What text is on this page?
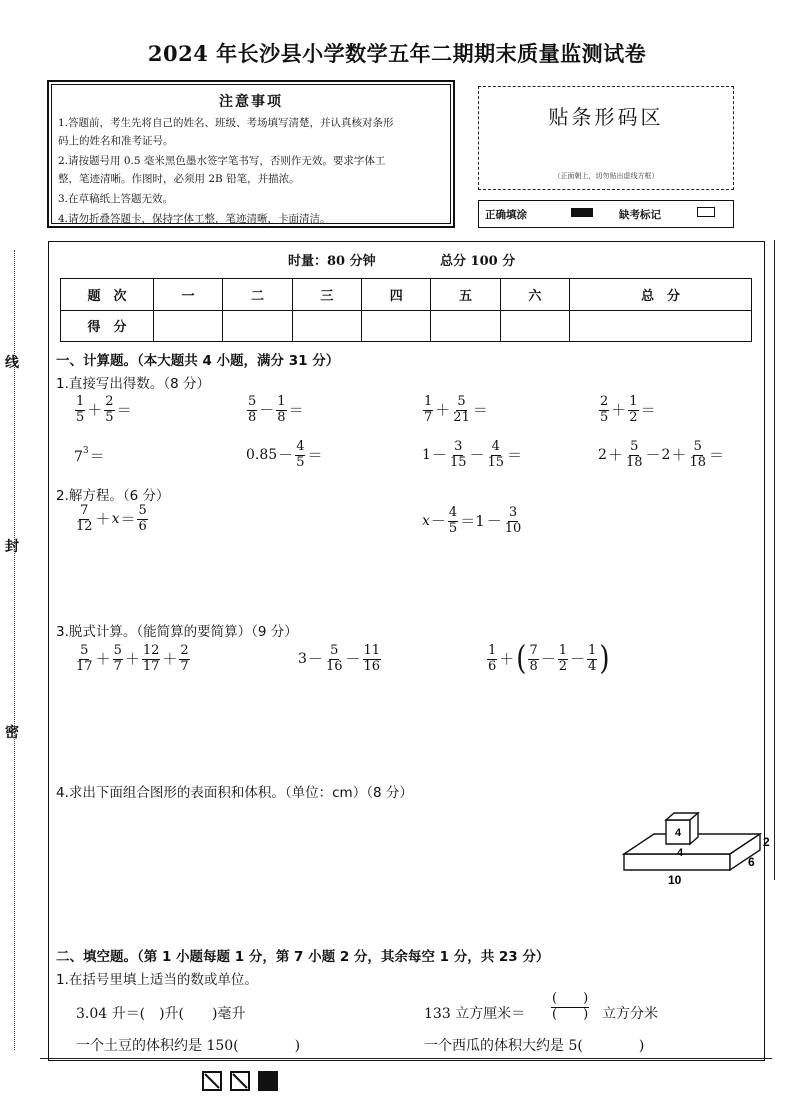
2024 年长沙县小学数学五年二期期末质量监测试卷
注意事项
1.答题前，考生先将自己的姓名、班级、考场填写清楚，并认真核对条形
码上的姓名和准考证号。
2.请按题号用 0.5 毫米黑色墨水签字笔书写，否则作无效。要求字体工
整，笔迹清晰。作图时，必须用 2B 铅笔，并描浓。
3.在草稿纸上答题无效。
4.请勿折叠答题卡，保持字体工整，笔迹清晰，卡面清洁。
贴条形码区
（正面朝上，切勿贴出虚线方框）
正确填涂	缺考标记
线
封
密
时量：80 分钟	总分 100 分
题　次	一	二	三	四	五	六	总　分
得　分							
一、计算题。（本大题共 4 小题，满分 31 分）
1.直接写出得数。（8 分）
$\frac{1}{5} + \frac{2}{5}$ ＝	$\frac{5}{8} - \frac{1}{8}$ ＝	$\frac{1}{7} + \frac{5}{21}$ ＝	$\frac{2}{5} + \frac{1}{2}$ ＝
$7^3$ ＝	$0.85 - \frac{4}{5}$ ＝	$1 - \frac{3}{15} - \frac{4}{15}$ ＝	$2 + \frac{5}{18} - 2 + \frac{5}{18}$ ＝
2.解方程。（6 分）
$\frac{7}{12} + x = \frac{5}{6}$	$x - \frac{4}{5} =1 - \frac{3}{10}$
3.脱式计算。（能简算的要简算）（9 分）
$\frac{5}{17} + \frac{5}{7} + \frac{12}{17} + \frac{2}{7}$	$3 - \frac{5}{16} - \frac{11}{16}$	$\frac{1}{6}$ ＋ ( $\frac{7}{8} - \frac{1}{2} - \frac{1}{4}$ )
4.求出下面组合图形的表面积和体积。（单位：cm）（8 分）
4
4
2
6
10
二、填空题。（第 1 小题每题 1 分，第 7 小题 2 分，其余每空 1 分，共 23 分）
1.在括号里填上适当的数或单位。
3.04 升＝(　)升(　　)毫升	133 立方厘米＝ $\frac{( )}{( )}$ 立方分米
一个土豆的体积约是 150(　　　　)	一个西瓜的体积大约是 5(　　　　)
